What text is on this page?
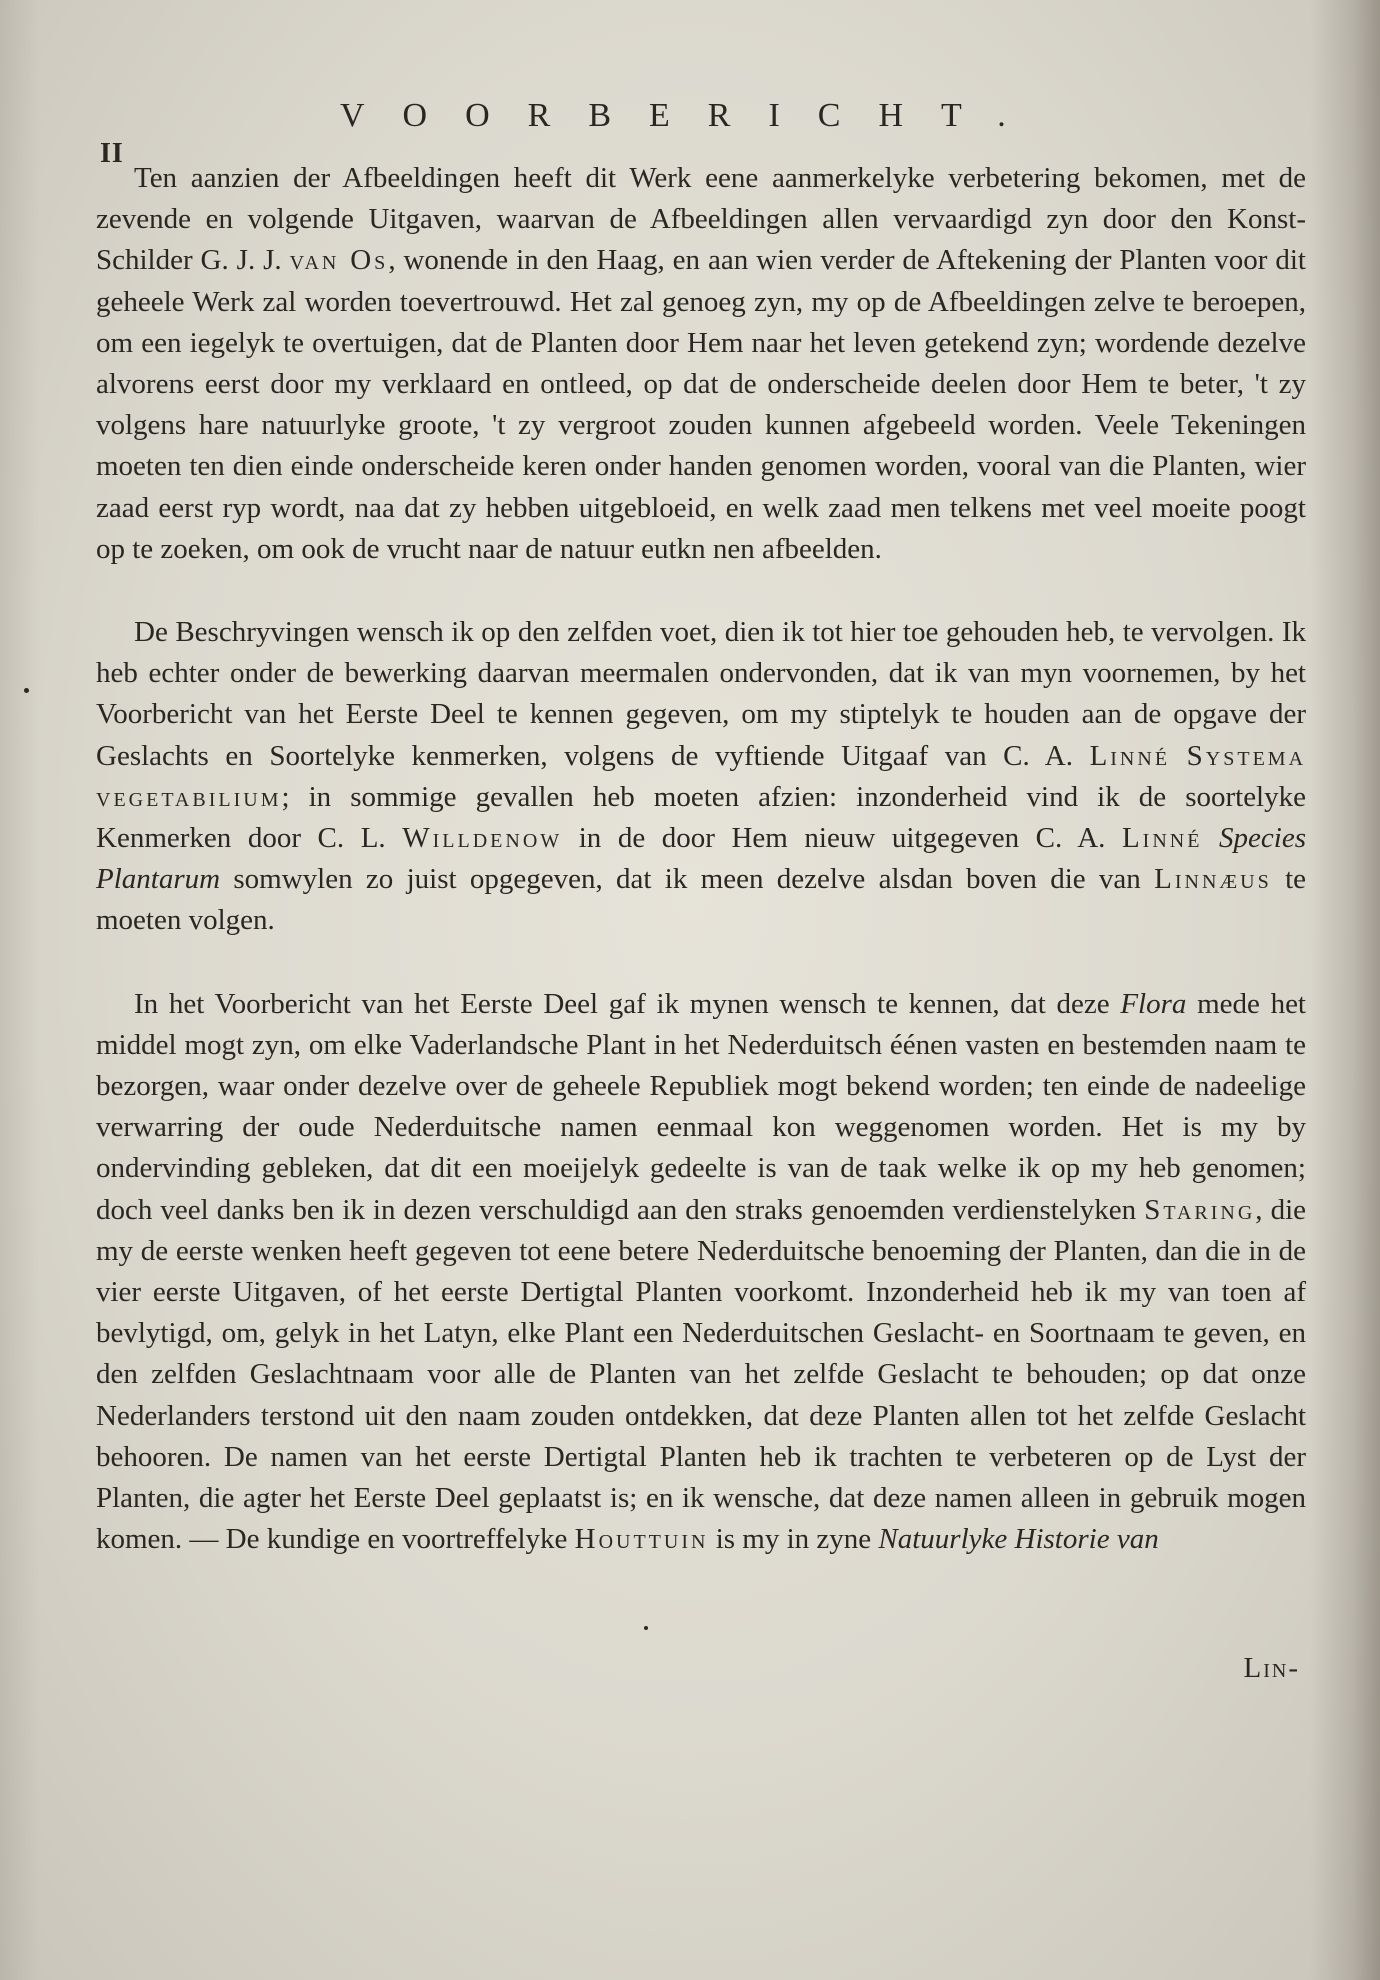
II
VOORBERICHT.

Ten aanzien der Afbeeldingen heeft dit Werk eene aanmerkelyke verbetering bekomen, met de zevende en volgende Uitgaven, waarvan de Afbeeldingen allen vervaardigd zyn door den Konst-Schilder G. J. J. van Os, wonende in den Haag, en aan wien verder de Aftekening der Planten voor dit geheele Werk zal worden toevertrouwd. Het zal genoeg zyn, my op de Afbeeldingen zelve te beroepen, om een iegelyk te overtuigen, dat de Planten door Hem naar het leven getekend zyn; wordende dezelve alvorens eerst door my verklaard en ontleed, op dat de onderscheide deelen door Hem te beter, 't zy volgens hare natuurlyke groote, 't zy vergroot zouden kunnen afgebeeld worden. Veele Tekeningen moeten ten dien einde onderscheide keren onder handen genomen worden, vooral van die Planten, wier zaad eerst ryp wordt, naa dat zy hebben uitgebloeid, en welk zaad men telkens met veel moeite poogt op te zoeken, om ook de vrucht naar de natuur eutkn nen afbeelden.

De Beschryvingen wensch ik op den zelfden voet, dien ik tot hier toe gehouden heb, te vervolgen. Ik heb echter onder de bewerking daarvan meermalen ondervonden, dat ik van myn voornemen, by het Voorbericht van het Eerste Deel te kennen gegeven, om my stiptelyk te houden aan de opgave der Geslachts en Soortelyke kenmerken, volgens de vyftiende Uitgaaf van C. A. Linné Systema vegetabilium; in sommige gevallen heb moeten afzien: inzonderheid vind ik de soortelyke Kenmerken door C. L. Willdenow in de door Hem nieuw uitgegeven C. A. Linné Species Plantarum somwylen zo juist opgegeven, dat ik meen dezelve alsdan boven die van Linnæus te moeten volgen.

In het Voorbericht van het Eerste Deel gaf ik mynen wensch te kennen, dat deze Flora mede het middel mogt zyn, om elke Vaderlandsche Plant in het Nederduitsch éénen vasten en bestemden naam te bezorgen, waar onder dezelve over de geheele Republiek mogt bekend worden; ten einde de nadeelige verwarring der oude Nederduitsche namen eenmaal kon weggenomen worden. Het is my by ondervinding gebleken, dat dit een moeijelyk gedeelte is van de taak welke ik op my heb genomen; doch veel danks ben ik in dezen verschuldigd aan den straks genoemden verdienstelyken Staring, die my de eerste wenken heeft gegeven tot eene betere Nederduitsche benoeming der Planten, dan die in de vier eerste Uitgaven, of het eerste Dertigtal Planten voorkomt. Inzonderheid heb ik my van toen af bevlytigd, om, gelyk in het Latyn, elke Plant een Nederduitschen Geslacht- en Soortnaam te geven, en den zelfden Geslachtnaam voor alle de Planten van het zelfde Geslacht te behouden; op dat onze Nederlanders terstond uit den naam zouden ontdekken, dat deze Planten allen tot het zelfde Geslacht behooren. De namen van het eerste Dertigtal Planten heb ik trachten te verbeteren op de Lyst der Planten, die agter het Eerste Deel geplaatst is; en ik wensche, dat deze namen alleen in gebruik mogen komen. — De kundige en voortreffelyke Houttuin is my in zyne Natuurlyke Historie van

Lin-
